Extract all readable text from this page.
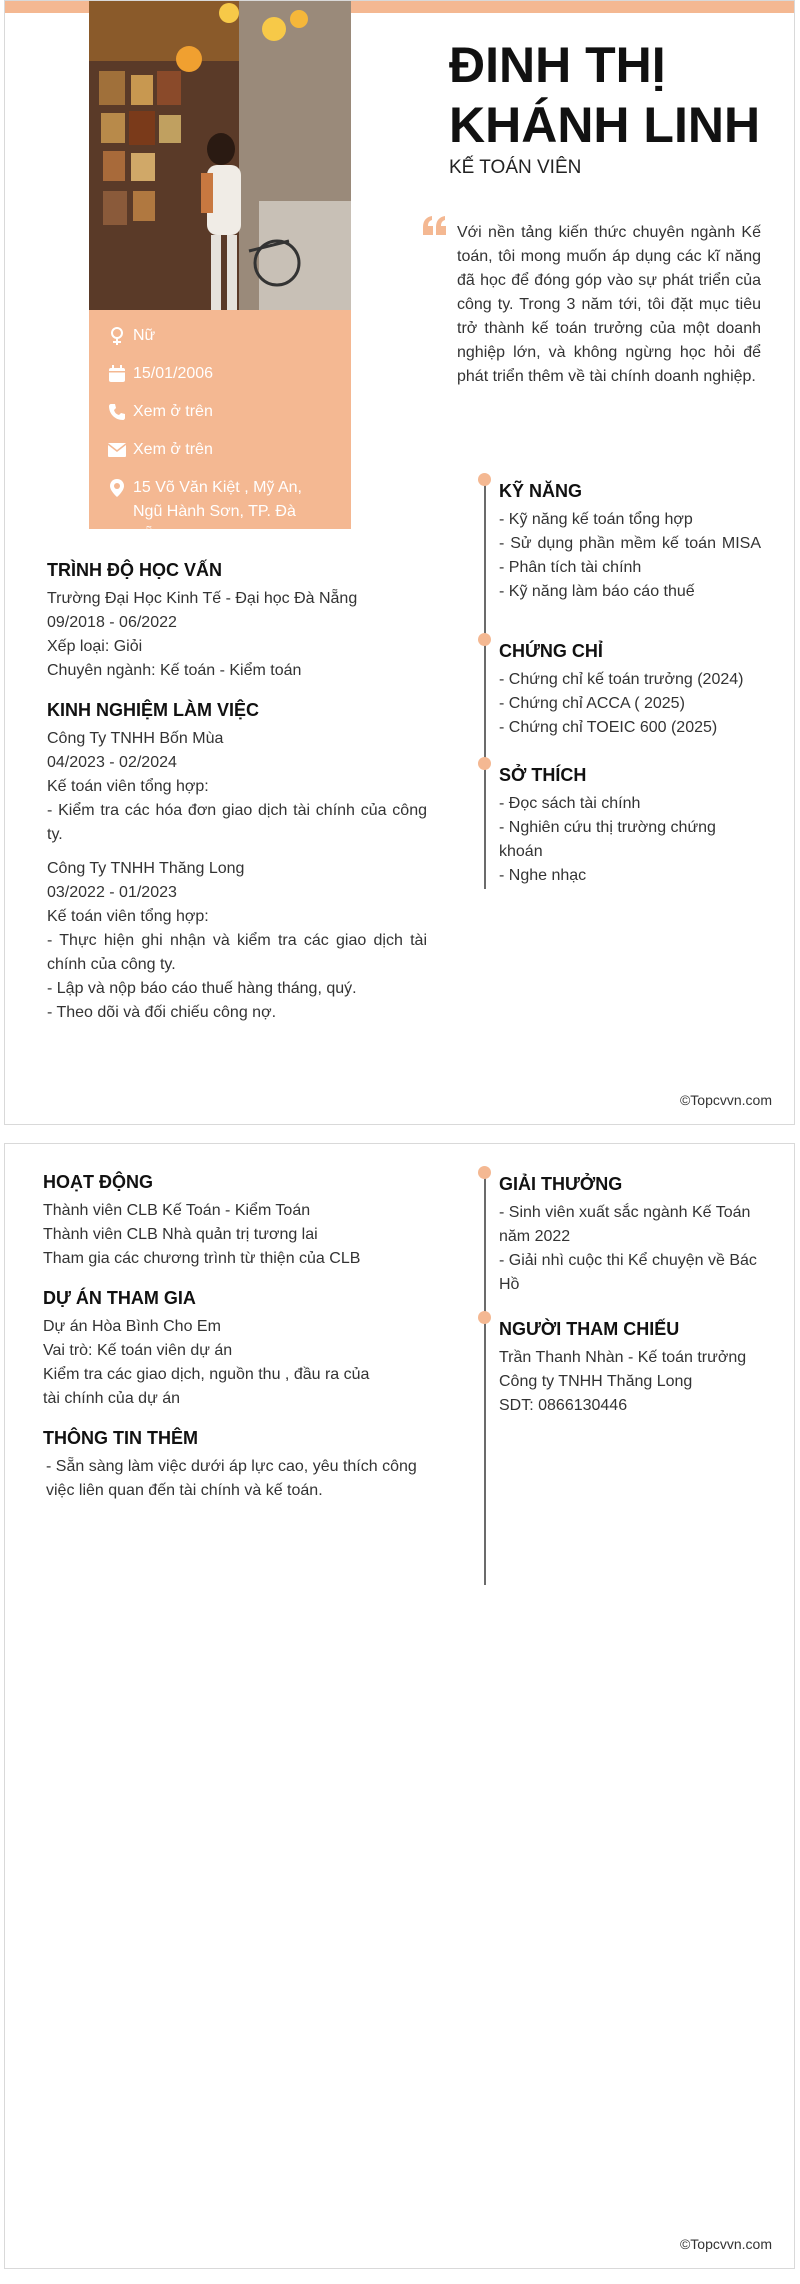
Nữ
15/01/2006
Xem ở trên
Xem ở trên
15 Võ Văn Kiệt , Mỹ An, Ngũ Hành Sơn, TP. Đà Nẵng
ĐINH THỊ KHÁNH LINH
KẾ TOÁN VIÊN
Với nền tảng kiến thức chuyên ngành Kế toán, tôi mong muốn áp dụng các kĩ năng đã học để đóng góp vào sự phát triển của công ty. Trong 3 năm tới, tôi đặt mục tiêu trở thành kế toán trưởng của một doanh nghiệp lớn, và không ngừng học hỏi để phát triển thêm về tài chính doanh nghiệp.
TRÌNH ĐỘ HỌC VẤN

Trường Đại Học Kinh Tế - Đại học Đà Nẵng

09/2018 - 06/2022

Xếp loại: Giỏi

Chuyên ngành: Kế toán - Kiểm toán

KINH NGHIỆM LÀM VIỆC

Công Ty TNHH Bốn Mùa

04/2023 - 02/2024

Kế toán viên tổng hợp:

- Kiểm tra các hóa đơn giao dịch tài chính của công ty.

Công Ty TNHH Thăng Long

03/2022 - 01/2023

Kế toán viên tổng hợp:

- Thực hiện ghi nhận và kiểm tra các giao dịch tài chính của công ty.

- Lập và nộp báo cáo thuế hàng tháng, quý.

- Theo dõi và đối chiếu công nợ.

KỸ NĂNG

- Kỹ năng kế toán tổng hợp

- Sử dụng phần mềm kế toán MISA

- Phân tích tài chính

- Kỹ năng làm báo cáo thuế

CHỨNG CHỈ

- Chứng chỉ kế toán trưởng (2024)

- Chứng chỉ ACCA ( 2025)

- Chứng chỉ TOEIC 600 (2025)

SỞ THÍCH

- Đọc sách tài chính

- Nghiên cứu thị trường chứng khoán

- Nghe nhạc

©Topcvvn.com
HOẠT ĐỘNG

Thành viên CLB Kế Toán - Kiểm Toán

Thành viên CLB Nhà quản trị tương lai

Tham gia các chương trình từ thiện của CLB

DỰ ÁN THAM GIA

Dự án Hòa Bình Cho Em

Vai trò: Kế toán viên dự án

Kiểm tra các giao dịch, nguồn thu , đầu ra của tài chính của dự án

THÔNG TIN THÊM

- Sẵn sàng làm việc dưới áp lực cao, yêu thích công việc liên quan đến tài chính và kế toán.

GIẢI THƯỞNG

- Sinh viên xuất sắc ngành Kế Toán năm 2022

- Giải nhì cuộc thi Kể chuyện về Bác Hồ

NGƯỜI THAM CHIẾU

Trần Thanh Nhàn - Kế toán trưởng

Công ty TNHH Thăng Long

SDT: 0866130446

©Topcvvn.com
